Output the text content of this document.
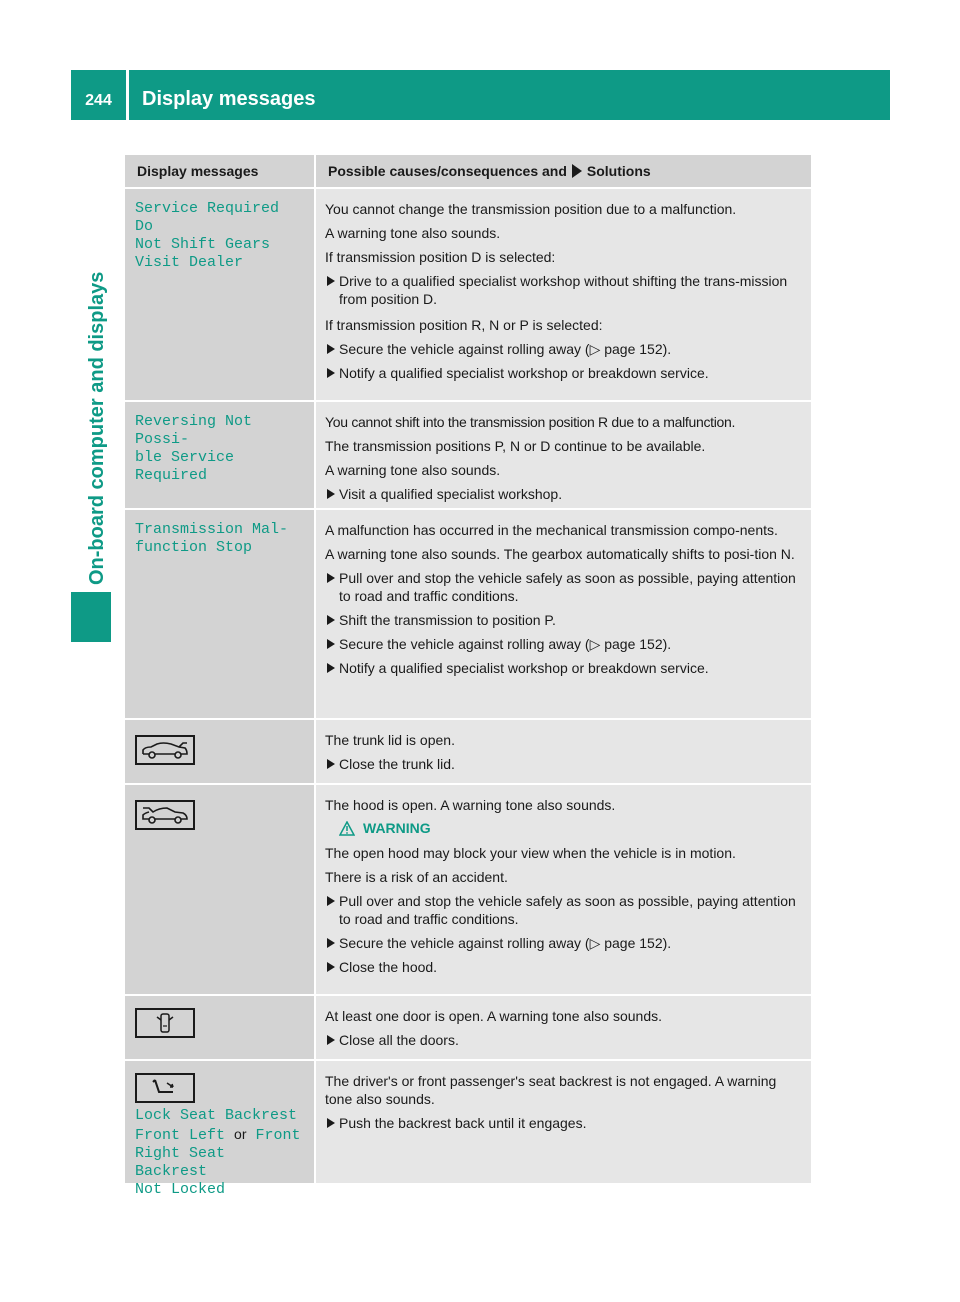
244	Display messages
On-board computer and displays
Display messages	Possible causes/consequences and Solutions
Service Required Do
Not Shift Gears
Visit Dealer

You cannot change the transmission position due to a malfunction.

A warning tone also sounds.

If transmission position D is selected:

Drive to a qualified specialist workshop without shifting the trans-mission from position D.

If transmission position R, N or P is selected:

Secure the vehicle against rolling away (▷ page 152).
Notify a qualified specialist workshop or breakdown service.
Reversing Not Possi-
ble Service Required

You cannot shift into the transmission position R due to a malfunction.

The transmission positions P, N or D continue to be available.

A warning tone also sounds.

Visit a qualified specialist workshop.
Transmission Mal-
function Stop

A malfunction has occurred in the mechanical transmission compo-nents.

A warning tone also sounds. The gearbox automatically shifts to posi-tion N.

Pull over and stop the vehicle safely as soon as possible, paying attention to road and traffic conditions.
Shift the transmission to position P.
Secure the vehicle against rolling away (▷ page 152).
Notify a qualified specialist workshop or breakdown service.

The trunk lid is open.

Close the trunk lid.

The hood is open. A warning tone also sounds.

WARNING

The open hood may block your view when the vehicle is in motion.

There is a risk of an accident.

Pull over and stop the vehicle safely as soon as possible, paying attention to road and traffic conditions.
Secure the vehicle against rolling away (▷ page 152).
Close the hood.

At least one door is open. A warning tone also sounds.

Close all the doors.
Lock Seat Backrest
Front Left or Front
Right Seat Backrest
Not Locked

The driver's or front passenger's seat backrest is not engaged. A warning tone also sounds.

Push the backrest back until it engages.
